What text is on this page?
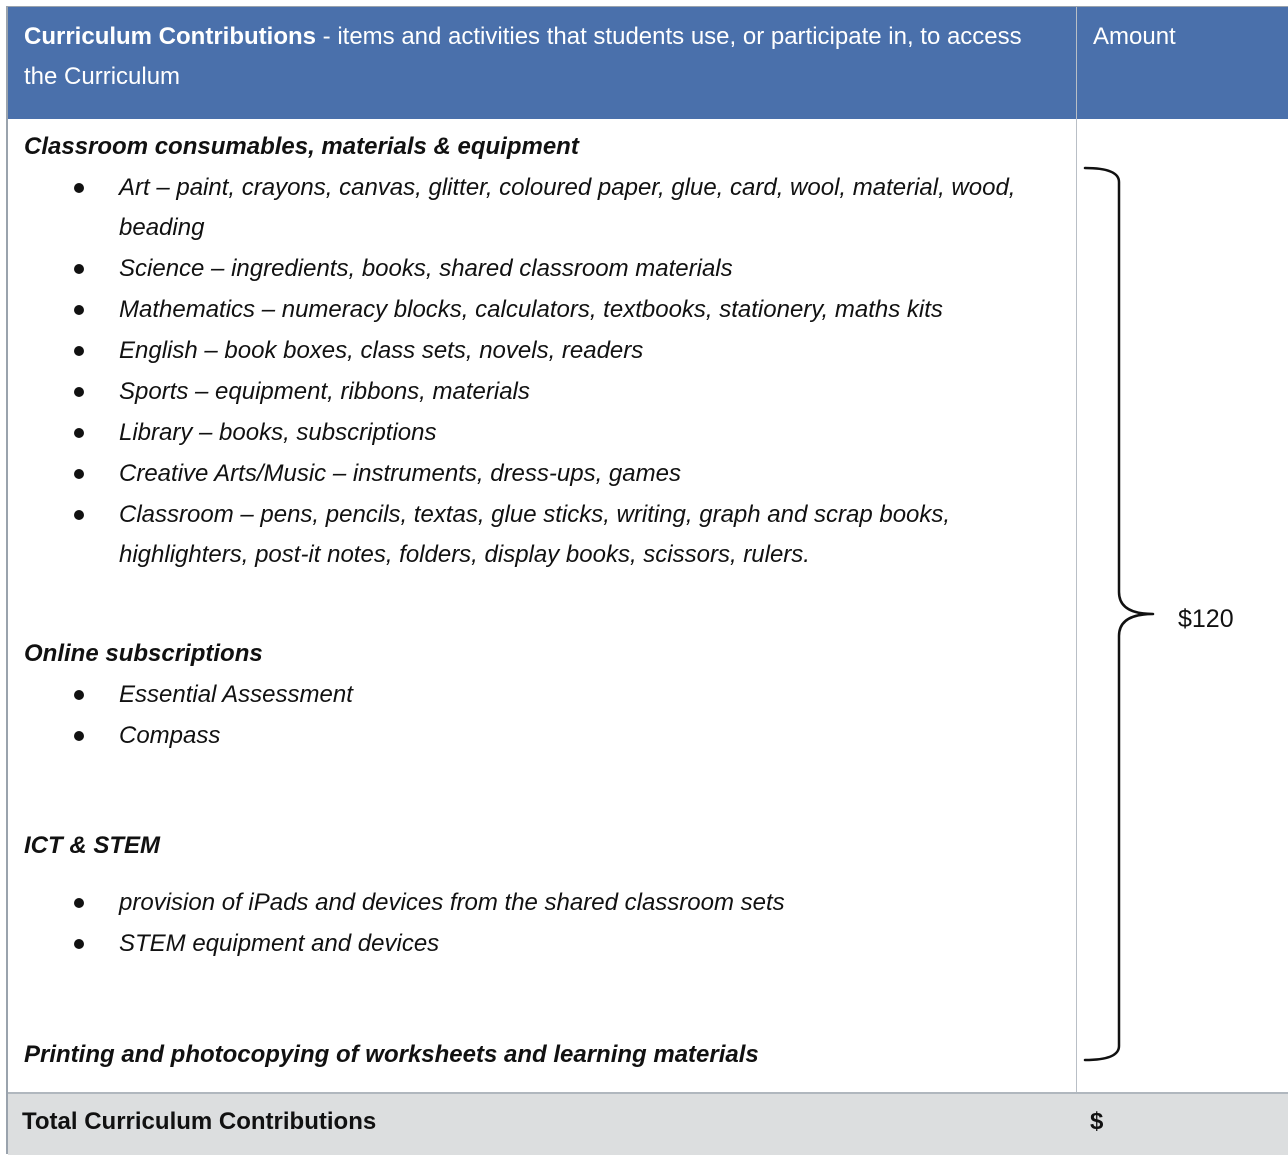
Curriculum Contributions - items and activities that students use, or participate in, to access the Curriculum
Amount
Classroom consumables, materials & equipment
Art – paint, crayons, canvas, glitter, coloured paper, glue, card, wool, material, wood, beading
Science – ingredients, books, shared classroom materials
Mathematics – numeracy blocks, calculators, textbooks, stationery, maths kits
English – book boxes, class sets, novels, readers
Sports – equipment, ribbons, materials
Library – books, subscriptions
Creative Arts/Music – instruments, dress-ups, games
Classroom – pens, pencils, textas, glue sticks, writing, graph and scrap books, highlighters, post-it notes, folders, display books, scissors, rulers.
Online subscriptions
Essential Assessment
Compass
ICT & STEM
provision of iPads and devices from the shared classroom sets
STEM equipment and devices
Printing and photocopying of worksheets and learning materials
$120
Total Curriculum Contributions	$
